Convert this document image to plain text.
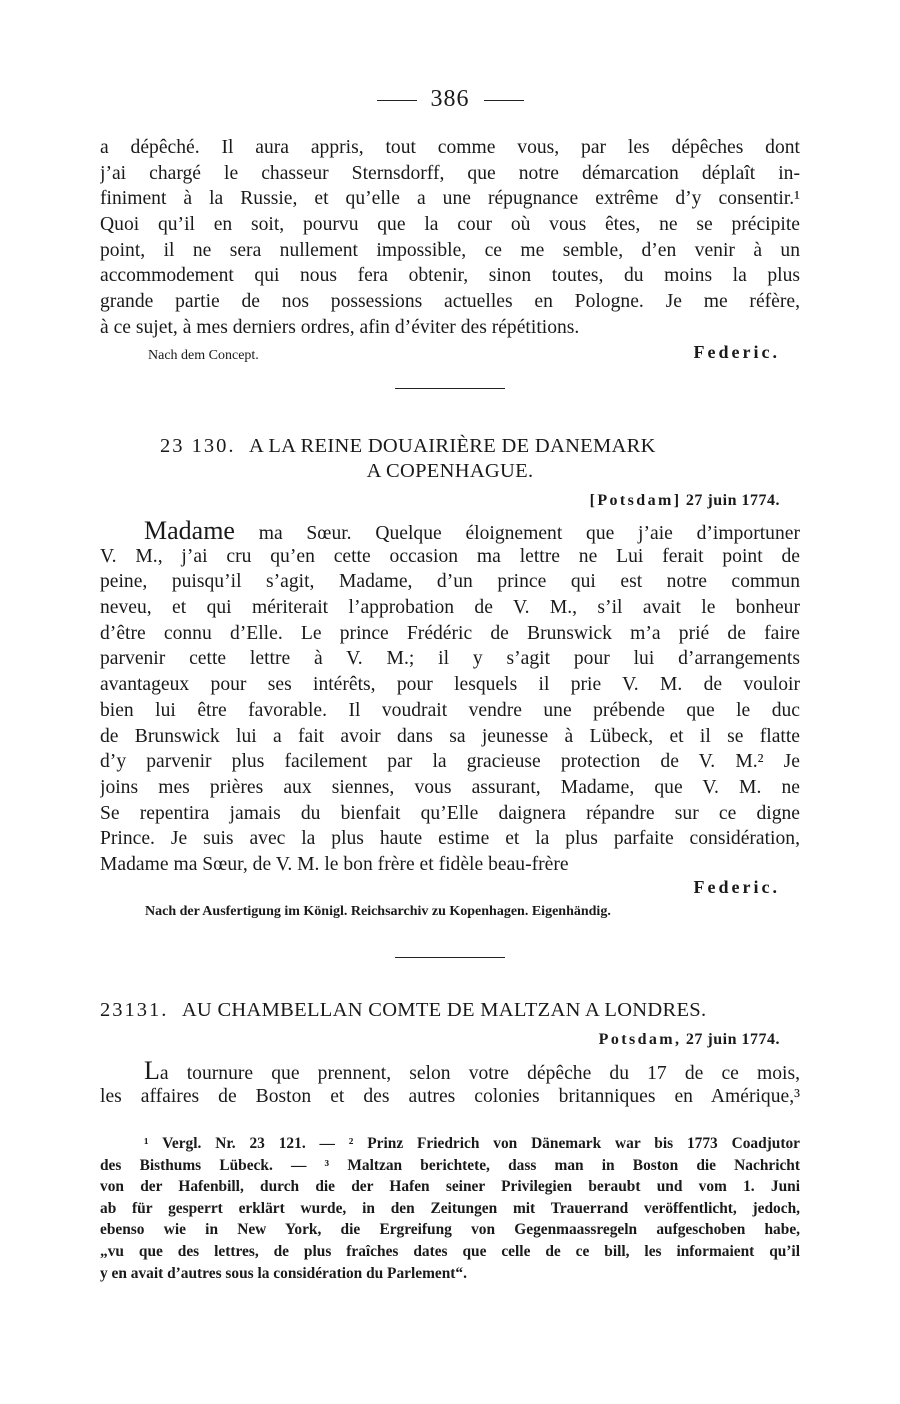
386
a dépêché. Il aura appris, tout comme vous, par les dépêches dont
j’ai chargé le chasseur Sternsdorff, que notre démarcation déplaît in-
finiment à la Russie, et qu’elle a une répugnance extrême d’y consentir.¹
Quoi qu’il en soit, pourvu que la cour où vous êtes, ne se précipite
point, il ne sera nullement impossible, ce me semble, d’en venir à un
accommodement qui nous fera obtenir, sinon toutes, du moins la plus
grande partie de nos possessions actuelles en Pologne. Je me réfère,
à ce sujet, à mes derniers ordres, afin d’éviter des répétitions.
Nach dem Concept.	Federic.
23 130. A LA REINE DOUAIRIÈRE DE DANEMARK
A COPENHAGUE.
[Potsdam] 27 juin 1774.
Madame ma Sœur. Quelque éloignement que j’aie d’importuner
V. M., j’ai cru qu’en cette occasion ma lettre ne Lui ferait point de
peine, puisqu’il s’agit, Madame, d’un prince qui est notre commun
neveu, et qui mériterait l’approbation de V. M., s’il avait le bonheur
d’être connu d’Elle. Le prince Frédéric de Brunswick m’a prié de faire
parvenir cette lettre à V. M.; il y s’agit pour lui d’arrangements
avantageux pour ses intérêts, pour lesquels il prie V. M. de vouloir
bien lui être favorable. Il voudrait vendre une prébende que le duc
de Brunswick lui a fait avoir dans sa jeunesse à Lübeck, et il se flatte
d’y parvenir plus facilement par la gracieuse protection de V. M.² Je
joins mes prières aux siennes, vous assurant, Madame, que V. M. ne
Se repentira jamais du bienfait qu’Elle daignera répandre sur ce digne
Prince. Je suis avec la plus haute estime et la plus parfaite considération,
Madame ma Sœur, de V. M. le bon frère et fidèle beau-frère
Federic.
Nach der Ausfertigung im Königl. Reichsarchiv zu Kopenhagen. Eigenhändig.
23131. AU CHAMBELLAN COMTE DE MALTZAN A LONDRES.
Potsdam, 27 juin 1774.
La tournure que prennent, selon votre dépêche du 17 de ce mois,
les affaires de Boston et des autres colonies britanniques en Amérique,³
¹ Vergl. Nr. 23 121. — ² Prinz Friedrich von Dänemark war bis 1773 Coadjutor
des Bisthums Lübeck. — ³ Maltzan berichtete, dass man in Boston die Nachricht
von der Hafenbill, durch die der Hafen seiner Privilegien beraubt und vom 1. Juni
ab für gesperrt erklärt wurde, in den Zeitungen mit Trauerrand veröffentlicht, jedoch,
ebenso wie in New York, die Ergreifung von Gegenmaassregeln aufgeschoben habe,
„vu que des lettres, de plus fraîches dates que celle de ce bill, les informaient qu’il
y en avait d’autres sous la considération du Parlement“.
